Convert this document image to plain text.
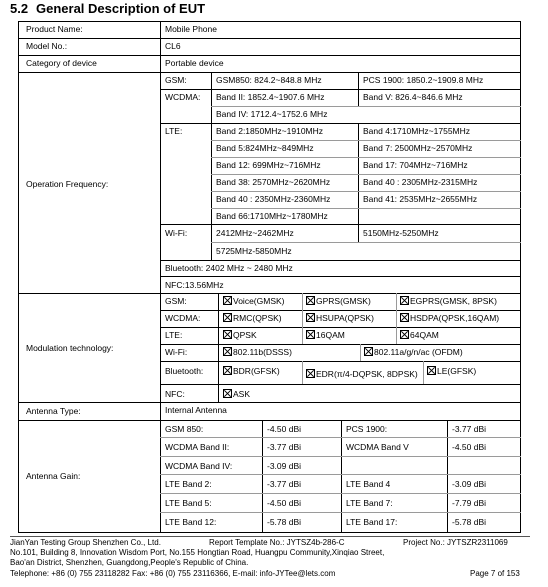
5.2 General Description of EUT
Product Name:	Mobile Phone
Model No.:	CL6
Category of device	Portable device
Operation Frequency:
GSM:	GSM850: 824.2~848.8 MHz	PCS 1900: 1850.2~1909.8 MHz
WCDMA: Band II: 1852.4~1907.6 MHz	Band V: 826.4~846.6 MHz
Band IV: 1712.4~1752.6 MHz
LTE:	Band 2:1850MHz~1910MHz	Band 4:1710MHz~1755MHz
Band 5:824MHz~849MHz	Band 7: 2500MHz~2570MHz
Band 12: 699MHz~716MHz	Band 17: 704MHz~716MHz
Band 38: 2570MHz~2620MHz	Band 40 : 2305MHz-2315MHz
Band 40 : 2350MHz-2360MHz	Band 41: 2535MHz~2655MHz
Band 66:1710MHz~1780MHz
Wi-Fi:	2412MHz~2462MHz	5150MHz-5250MHz
5725MHz-5850MHz
Bluetooth: 2402 MHz ~ 2480 MHz
NFC:13.56MHz
Modulation technology:
GSM:	Voice(GMSK)	GPRS(GMSK)	EGPRS(GMSK, 8PSK)
WCDMA:	RMC(QPSK)	HSUPA(QPSK)	HSDPA(QPSK,16QAM)
LTE:	QPSK	16QAM	64QAM
Wi-Fi:	802.11b(DSSS)	802.11a/g/n/ac (OFDM)
Bluetooth:	BDR(GFSK)	EDR(π/4-DQPSK, 8DPSK)	LE(GFSK)
NFC:	ASK
Antenna Type:	Internal Antenna
Antenna Gain:
GSM 850:	-4.50 dBi	PCS 1900:	-3.77 dBi
WCDMA Band II:	-3.77 dBi	WCDMA Band V	-4.50 dBi
WCDMA Band IV:	-3.09 dBi
LTE Band 2:	-3.77 dBi	LTE Band 4	-3.09 dBi
LTE Band 5:	-4.50 dBi	LTE Band 7:	-7.79 dBi
LTE Band 12:	-5.78 dBi	LTE Band 17:	-5.78 dBi
JianYan Testing Group Shenzhen Co., Ltd.	Report Template No.: JYTSZ4b-286-C	Project No.: JYTSZR2311069
No.101, Building 8, Innovation Wisdom Port, No.155 Hongtian Road, Huangpu Community,Xinqiao Street,
Bao'an District, Shenzhen, Guangdong,People's Republic of China.
Telephone: +86 (0) 755 23118282 Fax: +86 (0) 755 23116366, E-mail: info-JYTee@lets.com	Page 7 of 153
